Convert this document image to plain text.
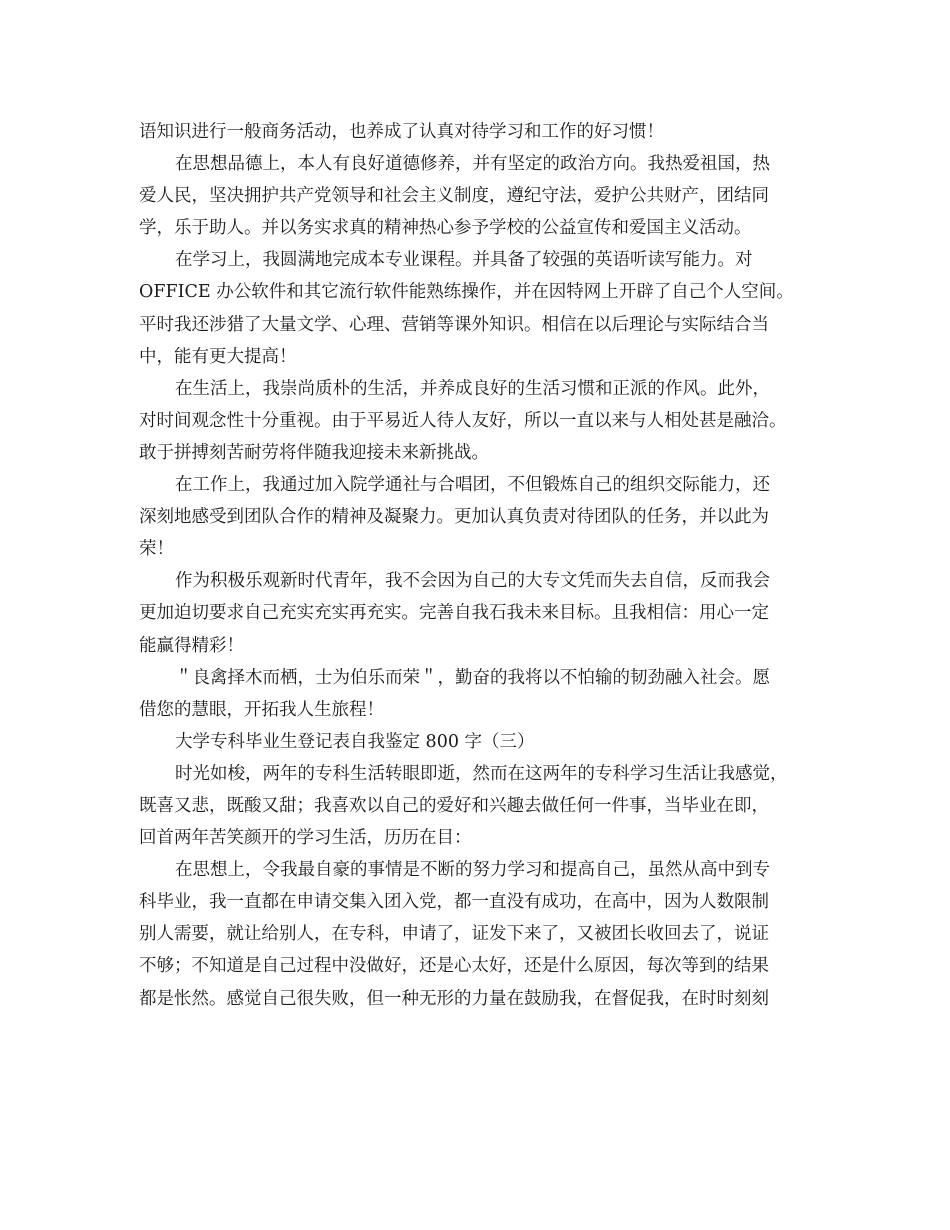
语知识进行一般商务活动，也养成了认真对待学习和工作的好习惯！
在思想品德上，本人有良好道德修养，并有坚定的政治方向。我热爱祖国，热
爱人民，坚决拥护共产党领导和社会主义制度，遵纪守法，爱护公共财产，团结同
学，乐于助人。并以务实求真的精神热心参予学校的公益宣传和爱国主义活动。
在学习上，我圆满地完成本专业课程。并具备了较强的英语听读写能力。对
OFFICE 办公软件和其它流行软件能熟练操作，并在因特网上开辟了自己个人空间。
平时我还涉猎了大量文学、心理、营销等课外知识。相信在以后理论与实际结合当
中，能有更大提高！
在生活上，我崇尚质朴的生活，并养成良好的生活习惯和正派的作风。此外，
对时间观念性十分重视。由于平易近人待人友好，所以一直以来与人相处甚是融洽。
敢于拼搏刻苦耐劳将伴随我迎接未来新挑战。
在工作上，我通过加入院学通社与合唱团，不但锻炼自己的组织交际能力，还
深刻地感受到团队合作的精神及凝聚力。更加认真负责对待团队的任务，并以此为
荣！
作为积极乐观新时代青年，我不会因为自己的大专文凭而失去自信，反而我会
更加迫切要求自己充实充实再充实。完善自我石我未来目标。且我相信：用心一定
能赢得精彩！
＂良禽择木而栖，士为伯乐而荣＂，勤奋的我将以不怕输的韧劲融入社会。愿
借您的慧眼，开拓我人生旅程！
大学专科毕业生登记表自我鉴定 800 字（三）
时光如梭，两年的专科生活转眼即逝，然而在这两年的专科学习生活让我感觉，
既喜又悲，既酸又甜；我喜欢以自己的爱好和兴趣去做任何一件事，当毕业在即，
回首两年苦笑颜开的学习生活，历历在目：
在思想上，令我最自豪的事情是不断的努力学习和提高自己，虽然从高中到专
科毕业，我一直都在申请交集入团入党，都一直没有成功，在高中，因为人数限制
别人需要，就让给别人，在专科，申请了，证发下来了，又被团长收回去了，说证
不够；不知道是自己过程中没做好，还是心太好，还是什么原因，每次等到的结果
都是怅然。感觉自己很失败，但一种无形的力量在鼓励我，在督促我，在时时刻刻
